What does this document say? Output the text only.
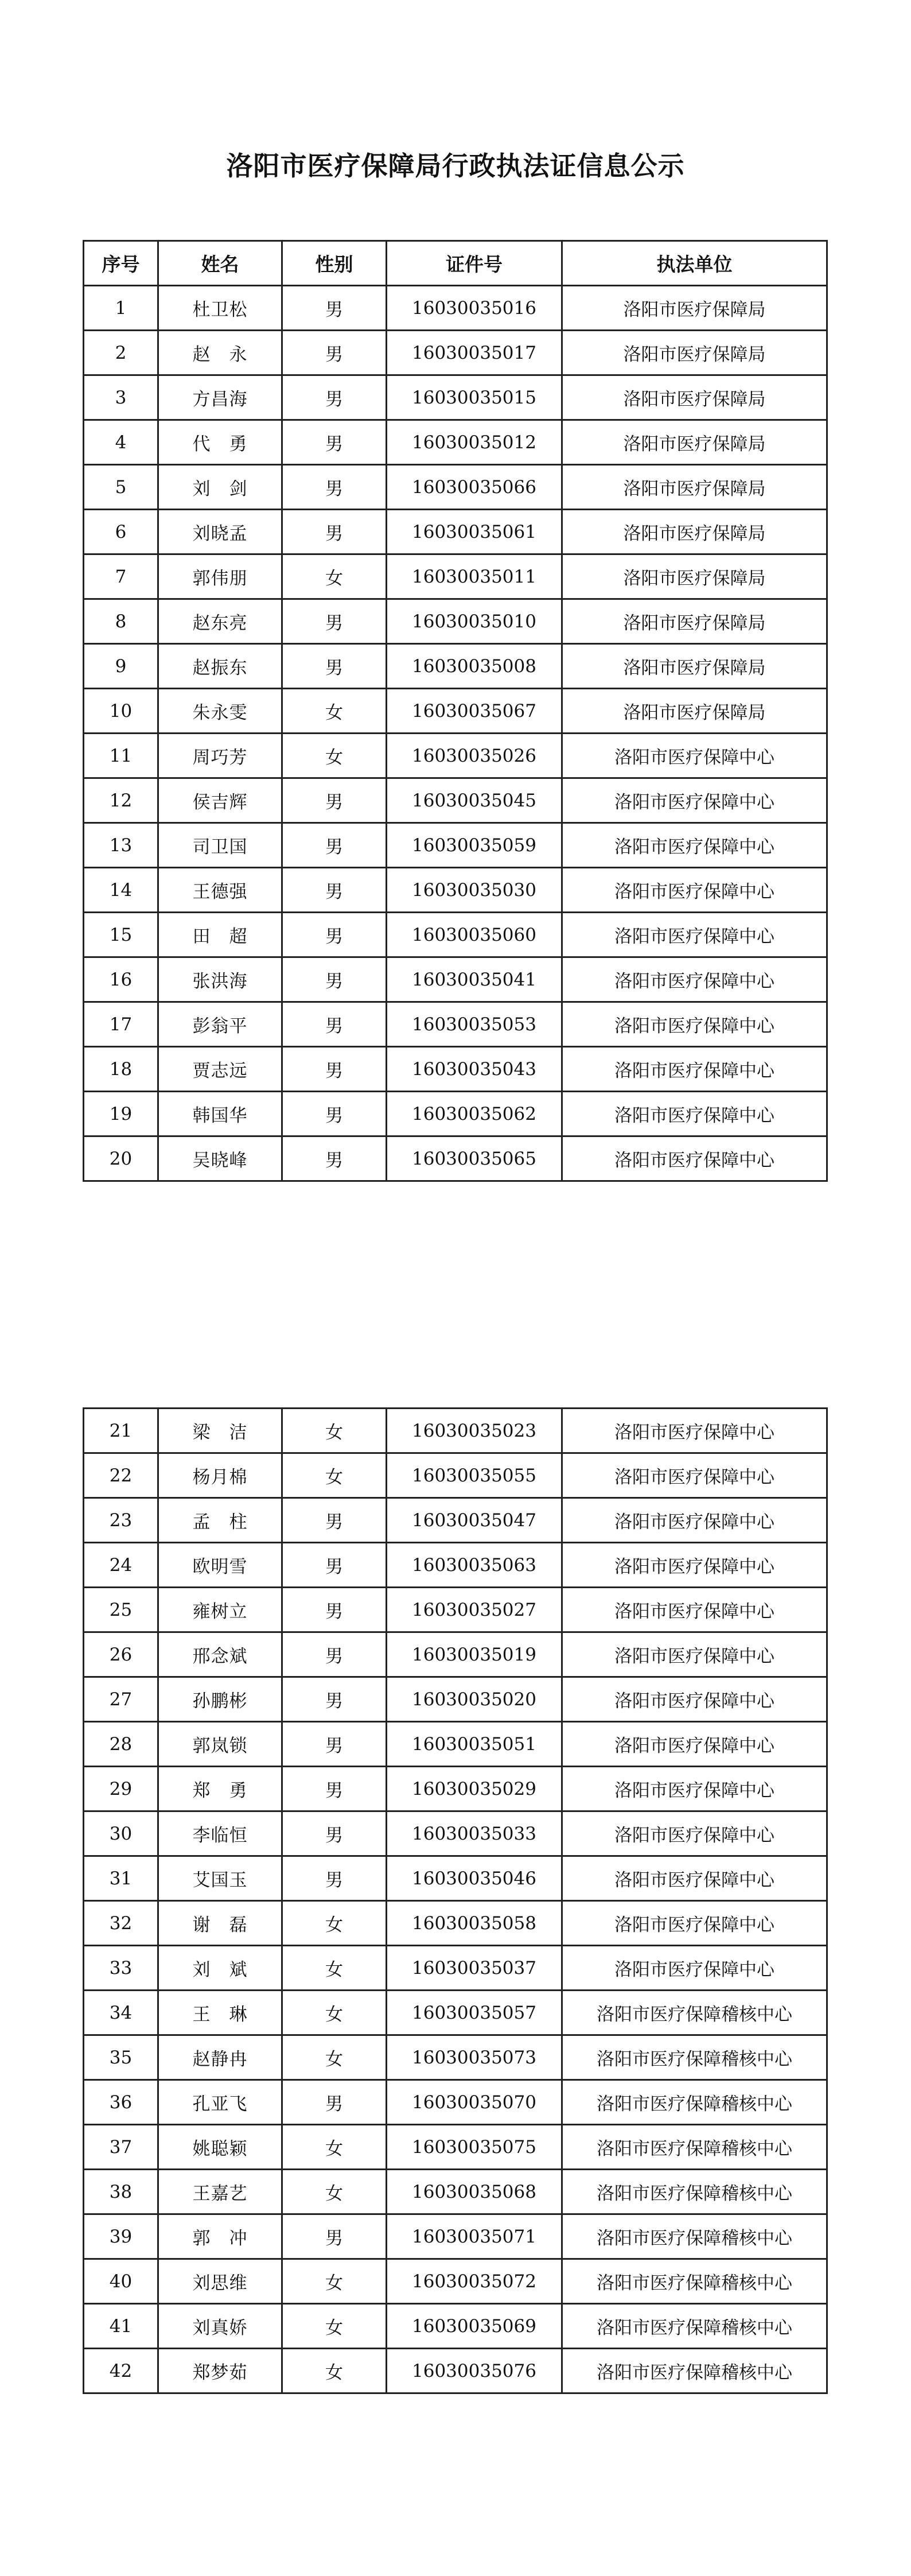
洛阳市医疗保障局行政执法证信息公示
序号	姓名	性别	证件号	执法单位
1	杜卫松	男	16030035016	洛阳市医疗保障局
2	赵　永	男	16030035017	洛阳市医疗保障局
3	方昌海	男	16030035015	洛阳市医疗保障局
4	代　勇	男	16030035012	洛阳市医疗保障局
5	刘　剑	男	16030035066	洛阳市医疗保障局
6	刘晓孟	男	16030035061	洛阳市医疗保障局
7	郭伟朋	女	16030035011	洛阳市医疗保障局
8	赵东亮	男	16030035010	洛阳市医疗保障局
9	赵振东	男	16030035008	洛阳市医疗保障局
10	朱永雯	女	16030035067	洛阳市医疗保障局
11	周巧芳	女	16030035026	洛阳市医疗保障中心
12	侯吉辉	男	16030035045	洛阳市医疗保障中心
13	司卫国	男	16030035059	洛阳市医疗保障中心
14	王德强	男	16030035030	洛阳市医疗保障中心
15	田　超	男	16030035060	洛阳市医疗保障中心
16	张洪海	男	16030035041	洛阳市医疗保障中心
17	彭翁平	男	16030035053	洛阳市医疗保障中心
18	贾志远	男	16030035043	洛阳市医疗保障中心
19	韩国华	男	16030035062	洛阳市医疗保障中心
20	吴晓峰	男	16030035065	洛阳市医疗保障中心
21	梁　洁	女	16030035023	洛阳市医疗保障中心
22	杨月棉	女	16030035055	洛阳市医疗保障中心
23	孟　柱	男	16030035047	洛阳市医疗保障中心
24	欧明雪	男	16030035063	洛阳市医疗保障中心
25	雍树立	男	16030035027	洛阳市医疗保障中心
26	邢念斌	男	16030035019	洛阳市医疗保障中心
27	孙鹏彬	男	16030035020	洛阳市医疗保障中心
28	郭岚锁	男	16030035051	洛阳市医疗保障中心
29	郑　勇	男	16030035029	洛阳市医疗保障中心
30	李临恒	男	16030035033	洛阳市医疗保障中心
31	艾国玉	男	16030035046	洛阳市医疗保障中心
32	谢　磊	女	16030035058	洛阳市医疗保障中心
33	刘　斌	女	16030035037	洛阳市医疗保障中心
34	王　琳	女	16030035057	洛阳市医疗保障稽核中心
35	赵静冉	女	16030035073	洛阳市医疗保障稽核中心
36	孔亚飞	男	16030035070	洛阳市医疗保障稽核中心
37	姚聪颖	女	16030035075	洛阳市医疗保障稽核中心
38	王嘉艺	女	16030035068	洛阳市医疗保障稽核中心
39	郭　冲	男	16030035071	洛阳市医疗保障稽核中心
40	刘思维	女	16030035072	洛阳市医疗保障稽核中心
41	刘真娇	女	16030035069	洛阳市医疗保障稽核中心
42	郑梦茹	女	16030035076	洛阳市医疗保障稽核中心
